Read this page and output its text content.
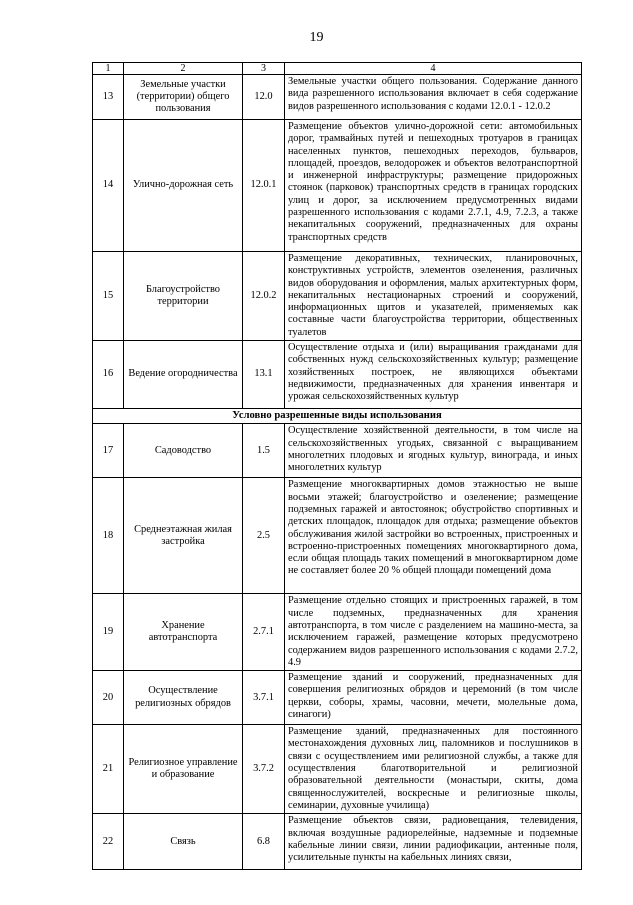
19
1	2	3	4
13	Земельные участки (территории) общего пользования	12.0	Земельные участки общего пользования. Содержание данного вида разрешенного использования включает в себя содержание видов разрешенного использования с кодами 12.0.1 - 12.0.2
14	Улично-дорожная сеть	12.0.1	Размещение объектов улично-дорожной сети: автомобильных дорог, трамвайных путей и пешеходных тротуаров в границах населенных пунктов, пешеходных переходов, бульваров, площадей, проездов, велодорожек и объектов велотранспортной и инженерной инфраструктуры; размещение придорожных стоянок (парковок) транспортных средств в границах городских улиц и дорог, за исключением предусмотренных видами разрешенного использования с кодами 2.7.1, 4.9, 7.2.3, а также некапитальных сооружений, предназначенных для охраны транспортных средств
15	Благоустройство территории	12.0.2	Размещение декоративных, технических, планировочных, конструктивных устройств, элементов озеленения, различных видов оборудования и оформления, малых архитектурных форм, некапитальных нестационарных строений и сооружений, информационных щитов и указателей, применяемых как составные части благоустройства территории, общественных туалетов
16	Ведение огородничества	13.1	Осуществление отдыха и (или) выращивания гражданами для собственных нужд сельскохозяйственных культур; размещение хозяйственных построек, не являющихся объектами недвижимости, предназначенных для хранения инвентаря и урожая сельскохозяйственных культур
Условно разрешенные виды использования			
17	Садоводство	1.5	Осуществление хозяйственной деятельности, в том числе на сельскохозяйственных угодьях, связанной с выращиванием многолетних плодовых и ягодных культур, винограда, и иных многолетних культур
18	Среднеэтажная жилая застройка	2.5	Размещение многоквартирных домов этажностью не выше восьми этажей; благоустройство и озеленение; размещение подземных гаражей и автостоянок; обустройство спортивных и детских площадок, площадок для отдыха; размещение объектов обслуживания жилой застройки во встроенных, пристроенных и встроенно-пристроенных помещениях многоквартирного дома, если общая площадь таких помещений в многоквартирном доме не составляет более 20 % общей площади помещений дома
19	Хранение автотранспорта	2.7.1	Размещение отдельно стоящих и пристроенных гаражей, в том числе подземных, предназначенных для хранения автотранспорта, в том числе с разделением на машино-места, за исключением гаражей, размещение которых предусмотрено содержанием видов разрешенного использования с кодами 2.7.2, 4.9
20	Осуществление религиозных обрядов	3.7.1	Размещение зданий и сооружений, предназначенных для совершения религиозных обрядов и церемоний (в том числе церкви, соборы, храмы, часовни, мечети, молельные дома, синагоги)
21	Религиозное управление и образование	3.7.2	Размещение зданий, предназначенных для постоянного местонахождения духовных лиц, паломников и послушников в связи с осуществлением ими религиозной службы, а также для осуществления благотворительной и религиозной образовательной деятельности (монастыри, скиты, дома священнослужителей, воскресные и религиозные школы, семинарии, духовные училища)
22	Связь	6.8	Размещение объектов связи, радиовещания, телевидения, включая воздушные радиорелейные, надземные и подземные кабельные линии связи, линии радиофикации, антенные поля, усилительные пункты на кабельных линиях связи,
